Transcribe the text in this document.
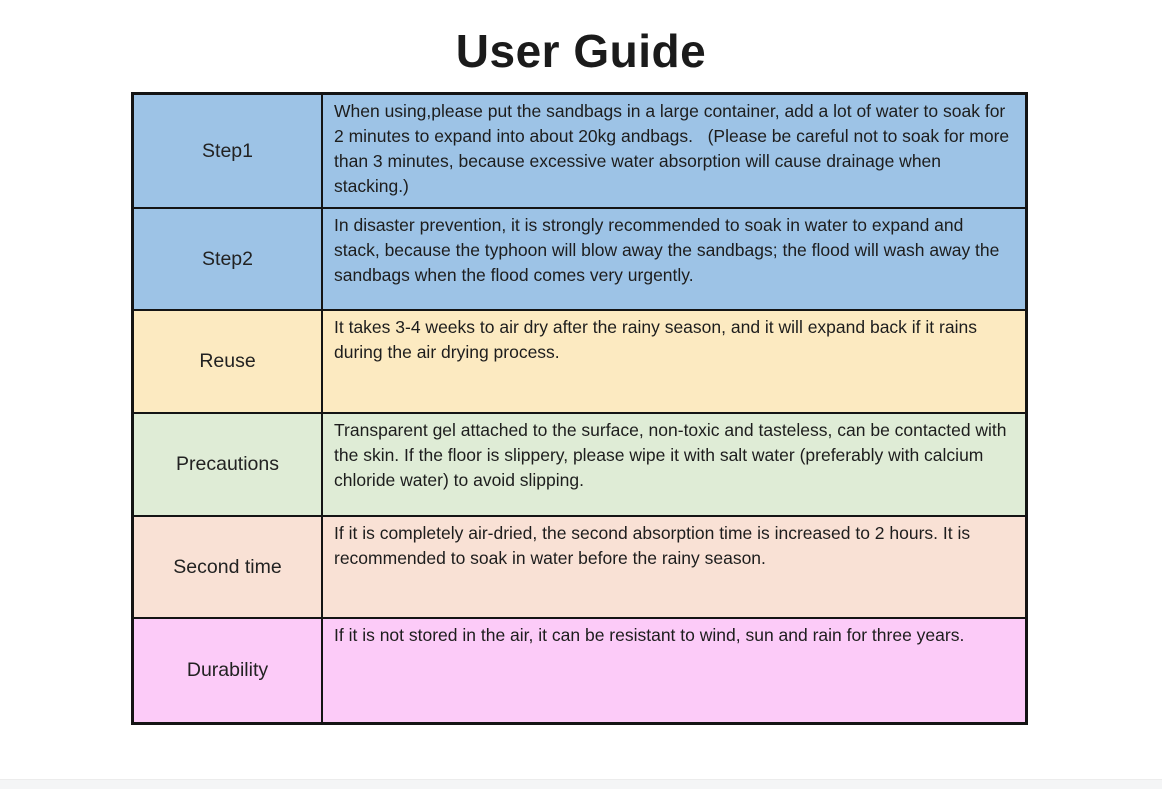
User Guide
Step1	When using,please put the sandbags in a large container, add a lot of water to soak for 2 minutes to expand into about 20kg andbags.   (Please be careful not to soak for more than 3 minutes, because excessive water absorption will cause drainage when stacking.)
Step2	In disaster prevention, it is strongly recommended to soak in water to expand and stack, because the typhoon will blow away the sandbags; the flood will wash away the sandbags when the flood comes very urgently.
Reuse	It takes 3-4 weeks to air dry after the rainy season, and it will expand back if it rains during the air drying process.
Precautions	Transparent gel attached to the surface, non-toxic and tasteless, can be contacted with the skin. If the floor is slippery, please wipe it with salt water (preferably with calcium chloride water) to avoid slipping.
Second time	If it is completely air-dried, the second absorption time is increased to 2 hours. It is recommended to soak in water before the rainy season.
Durability	If it is not stored in the air, it can be resistant to wind, sun and rain for three years.
